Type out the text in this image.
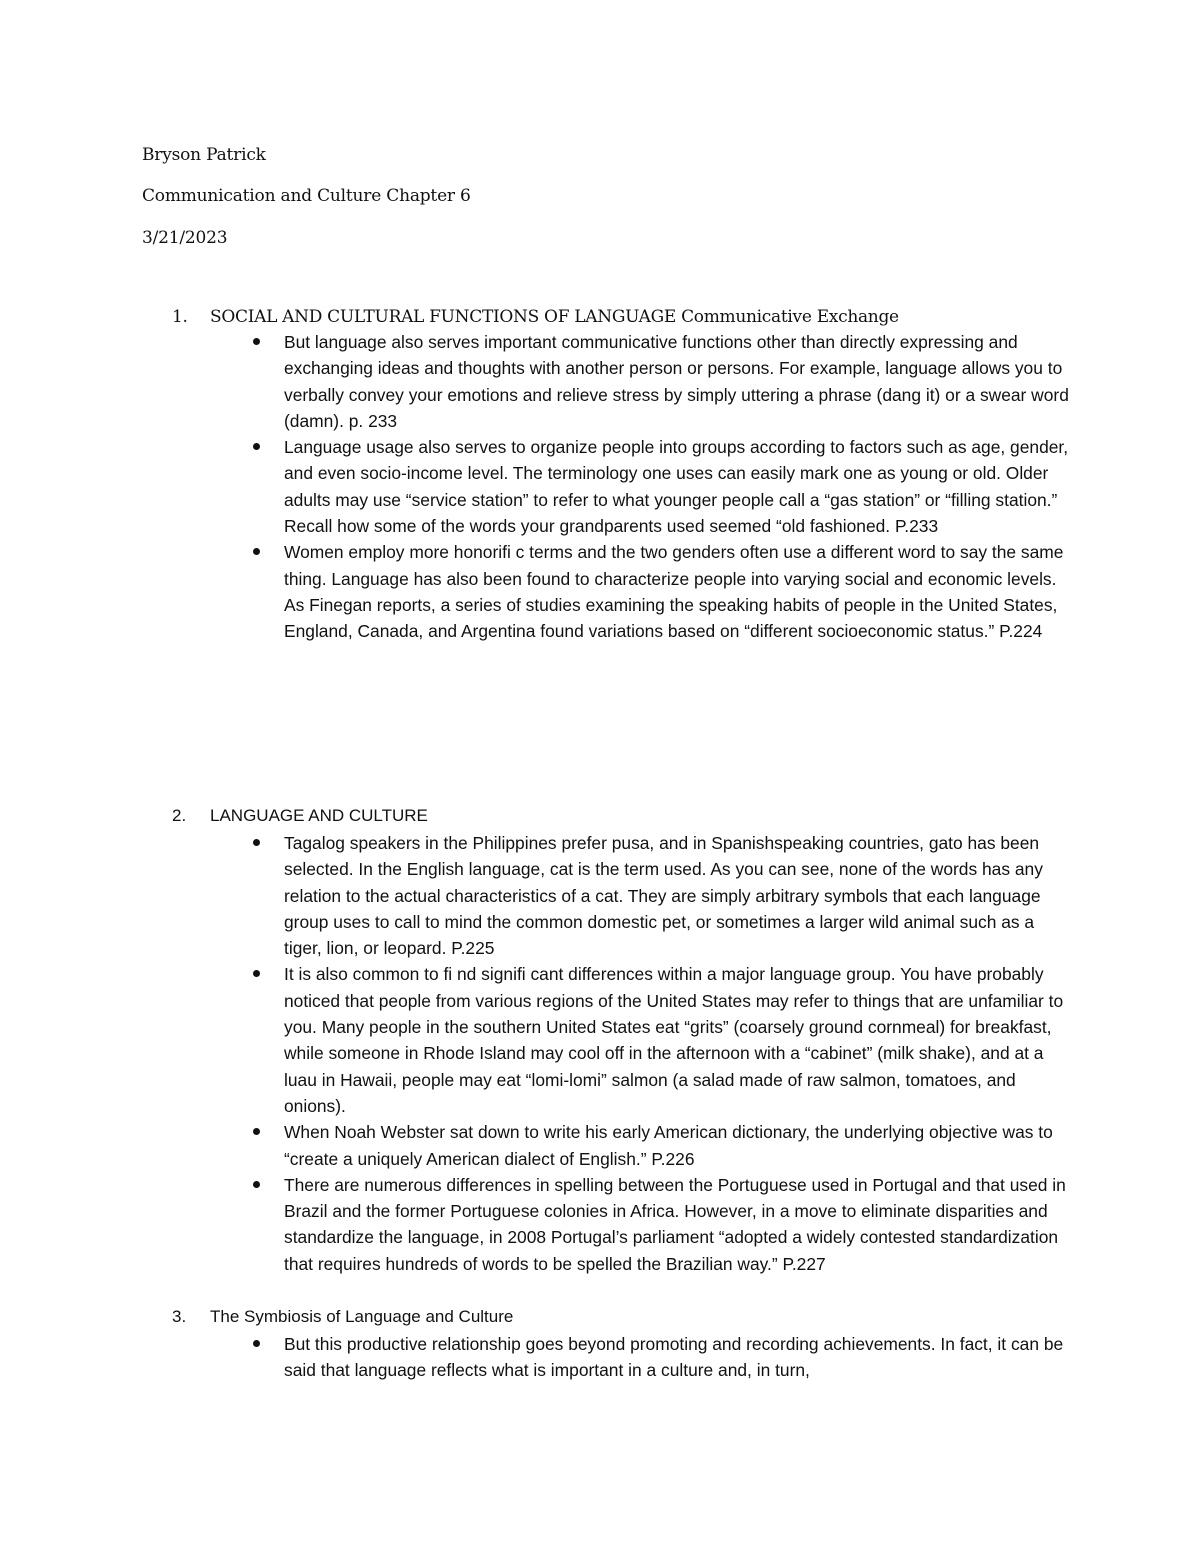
Bryson Patrick
Communication and Culture Chapter 6
3/21/2023
1. SOCIAL AND CULTURAL FUNCTIONS OF LANGUAGE Communicative Exchange
But language also serves important communicative functions other than directly expressing and exchanging ideas and thoughts with another person or persons. For example, language allows you to verbally convey your emotions and relieve stress by simply uttering a phrase (dang it) or a swear word (damn). p. 233
Language usage also serves to organize people into groups according to factors such as age, gender, and even socio-income level. The terminology one uses can easily mark one as young or old. Older adults may use “service station” to refer to what younger people call a “gas station” or “filling station.” Recall how some of the words your grandparents used seemed “old fashioned. P.233
Women employ more honorifi c terms and the two genders often use a different word to say the same thing. Language has also been found to characterize people into varying social and economic levels. As Finegan reports, a series of studies examining the speaking habits of people in the United States, England, Canada, and Argentina found variations based on “different socioeconomic status.” P.224
2. LANGUAGE AND CULTURE
Tagalog speakers in the Philippines prefer pusa, and in Spanishspeaking countries, gato has been selected. In the English language, cat is the term used. As you can see, none of the words has any relation to the actual characteristics of a cat. They are simply arbitrary symbols that each language group uses to call to mind the common domestic pet, or sometimes a larger wild animal such as a tiger, lion, or leopard. P.225
It is also common to fi nd signifi cant differences within a major language group. You have probably noticed that people from various regions of the United States may refer to things that are unfamiliar to you. Many people in the southern United States eat “grits” (coarsely ground cornmeal) for breakfast, while someone in Rhode Island may cool off in the afternoon with a “cabinet” (milk shake), and at a luau in Hawaii, people may eat “lomi-lomi” salmon (a salad made of raw salmon, tomatoes, and onions).
When Noah Webster sat down to write his early American dictionary, the underlying objective was to “create a uniquely American dialect of English.” P.226
There are numerous differences in spelling between the Portuguese used in Portugal and that used in Brazil and the former Portuguese colonies in Africa. However, in a move to eliminate disparities and standardize the language, in 2008 Portugal’s parliament “adopted a widely contested standardization that requires hundreds of words to be spelled the Brazilian way.” P.227
3. The Symbiosis of Language and Culture
But this productive relationship goes beyond promoting and recording achievements. In fact, it can be said that language reflects what is important in a culture and, in turn,
